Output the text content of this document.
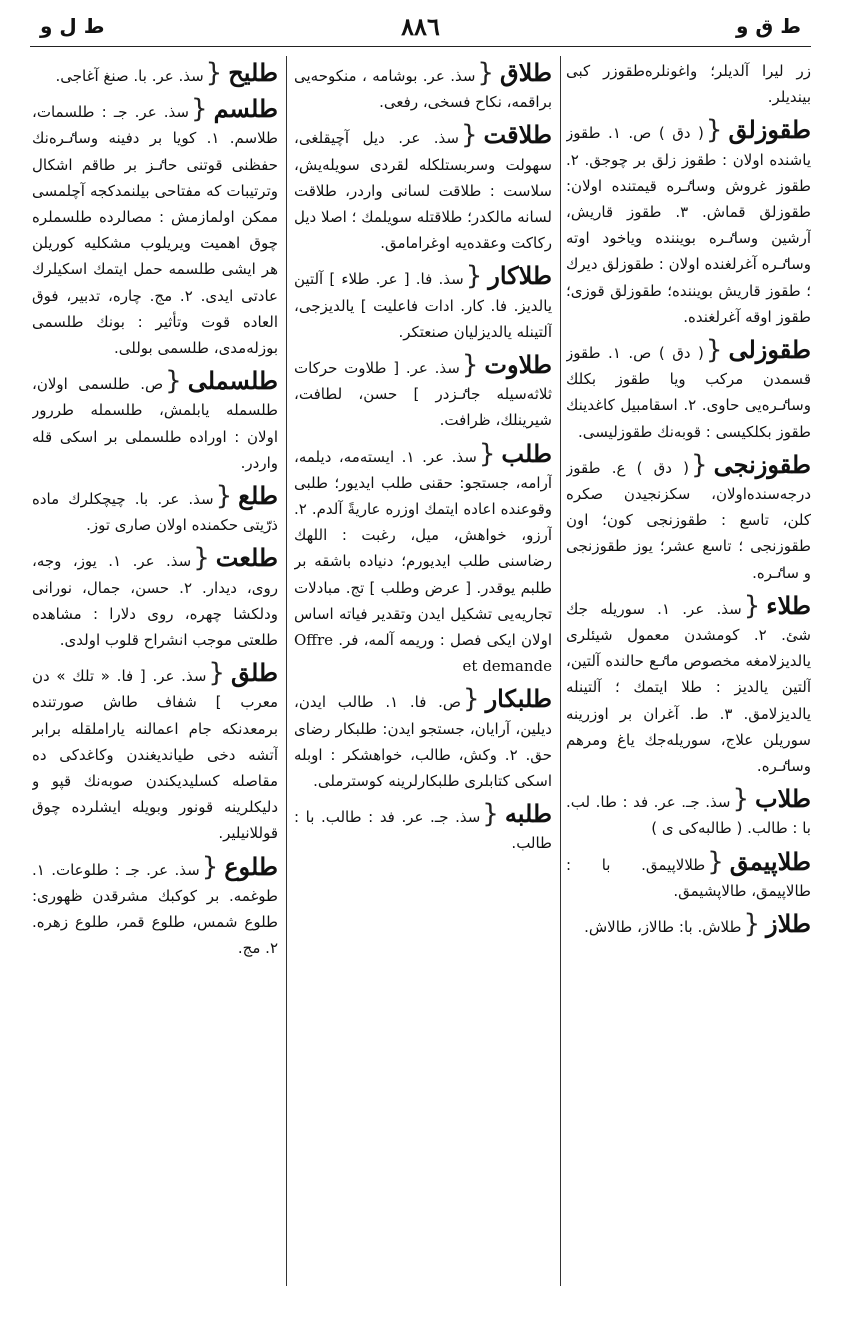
ط ل و	٨٨٦	ط ق و

زر ليرا آلديلر؛ واغونلرەطقوزر كبى بينديلر.

طقوزلق{( دق ) ص. ١. طقوز ياشندە اولان : طقوز زلق بر چوجق. ٢. طقوز غروش وساٸرە قيمتندە اولان: طقوزلق قماش. ٣. طقوز قاريش، آرشين وساٸرە بوينندە وياخود اوتە وساٸرە آغرلغندە اولان : طقوزلق ديرك ؛ طقوز قاريش بوينندە؛ طقوزلق قوزى؛ طقوز اوقە آغرلغندە.

طقوزلى{( دق ) ص. ١. طقوز قسمدن مركب ويا طقوز بكلك وساٸرەيى حاوى. ٢. اسقامبيل كاغدينك طقوز بكلكيسى : قوبەنك طقوزليسى.

طقوزنجى{( دق ) ع. طقوز درجەسندەاولان، سكزنجيدن صكرە كلن، تاسع : طقوزنجى كون؛ اون طقوزنجى ؛ تاسع عشر؛ يوز طقوزنجى و ساٸرە.

طلاء{سذ. عر. ١. سوريلە جك شئ. ٢. كومشدن معمول شيئلرى يالديزلامغە مخصوص ماٸع حالندە آلتين، آلتين يالديز : طلا ايتمك ؛ آلتينلە يالديزلامق. ٣. ط. آغران بر اوزرينە سوريلن علاج، سوريلەجك ياغ ومرهم وساٸرە.

طلاب{سذ. جـ. عر. فد : طا. لب. با : طالب. ( طالبەكى ى )

طلاپيمق{طلالاپيمق. با : طالاپيمق، طالاپشيمق.

طلاز{طلاش. با: طالاز، طالاش.

طلاق{سذ. عر. بوشامە ، منكوحەيى براقمە، نكاح فسخى، رفعى.

طلاقت{سذ. عر. ديل آچيقلغى، سهولت وسربستلكلە لقردى سويلەيش، سلاست : طلاقت لسانى واردر، طلاقت لسانە مالكدر؛ طلاقتلە سويلمك ؛ اصلا ديل ركاكت وعقدەيە اوغرامامق.

طلاكار{سذ. فا. [ عر. طلاء ] آلتين يالديز. فا. كار. ادات فاعليت ] يالديزجى، آلتينلە يالديزليان صنعتكر.

طلاوت{سذ. عر. [ طلاوت حركات ثلاثەسيلە جاٸزدر ] حسن، لطافت، شيرينلك، ظرافت.

طلب{سذ. عر. ١. ايستەمە، ديلمە، آرامە، جستجو: حقنى طلب ايديور؛ طلبى وقوعندە اعادە ايتمك اوزرە عاريةً آلدم. ٢. آرزو، خواهش، ميل، رغبت : اللهك رضاسنى طلب ايديورم؛ دنيادە باشقە بر طلبم يوقدر. [ عرض وطلب ] تج. مبادلات تجاريەيى تشكيل ايدن وتقدير فياتە اساس اولان ايكى فصل : وريمە آلمە، فر. Offre et demande

طلبكار{ص. فا. ١. طالب ايدن، ديلين، آرايان، جستجو ايدن: طلبكار رضاى حق. ٢. وكش، طالب، خواهشكر : اوبلە اسكى كتابلرى طلبكارلرينە كوسترملى.

طلبه{سذ. جـ. عر. فد : طالب. با : طالب.

طليح{سذ. عر. با. صنغ آغاجى.

طلسم{سذ. عر. جـ : طلسمات، طلاسم. ١. كويا بر دفينە وساٸرەنك حفظنى قوتنى حاٸز بر طاقم اشكال وترتيبات كە مفتاحى بيلنمدكجە آچلمسى ممكن اولمازمش : مصالردە طلسملرە چوق اهميت ويريلوب مشكليە كوريلن هر ايشى طلسمە حمل ايتمك اسكيلرك عادتى ايدى. ٢. مج. چارە، تدبير، فوق العادە قوت وتأثير : بونك طلسمى بوزلەمدى، طلسمى بوللى.

طلسملى{ص. طلسمى اولان، طلسملە يابلمش، طلسملە طررور اولان : اورادە طلسملى بر اسكى قلە واردر.

طلع{سذ. عر. با. چيچكلرك مادە ذرّيتى حكمندە اولان صارى توز.

طلعت{سذ. عر. ١. يوز، وجە، روى، ديدار. ٢. حسن، جمال، نورانى ودلكشا چهرە، روى دلارا : مشاهدە طلعتى موجب انشراح قلوب اولدى.

طلق{سذ. عر. [ فا. « تلك » دن معرب ] شفاف طاش صورتندە برمعدنكە جام اعمالنە ياراملقلە برابر آتشە دخى طيانديغندن وكاغدكى دە مقاصلە كسليديكندن صوبەنك قپو و دليكلرينە قونور وبويلە ايشلردە چوق قوللانيلير.

طلوع{سذ. عر. جـ : طلوعات. ١. طوغمە. بر كوكبك مشرقدن ظهورى: طلوع شمس، طلوع قمر، طلوع زهرە. ٢. مج.
